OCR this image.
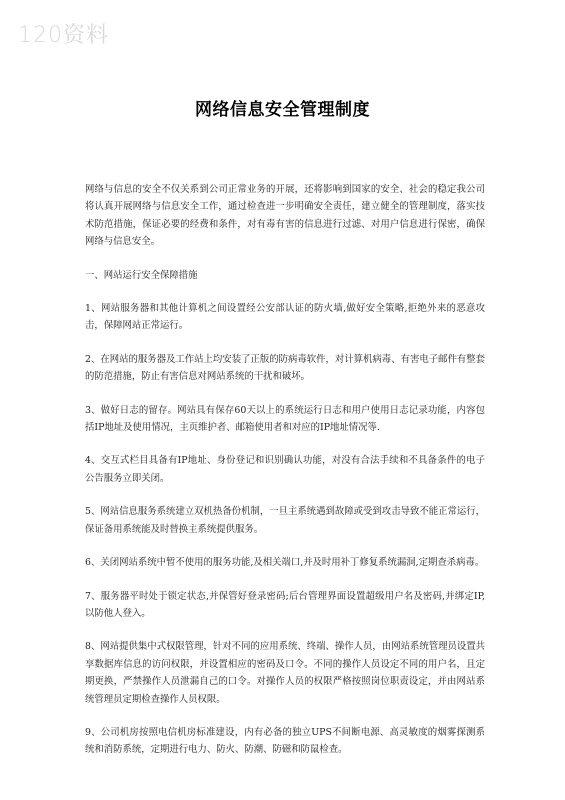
120资料
网络信息安全管理制度

网络与信息的安全不仅关系到公司正常业务的开展，还将影响到国家的安全、社会的稳定我公司将认真开展网络与信息安全工作，通过检查进一步明确安全责任，建立健全的管理制度，落实技术防范措施，保证必要的经费和条件，对有毒有害的信息进行过滤、对用户信息进行保密，确保网络与信息安全。

一、网站运行安全保障措施

1、网站服务器和其他计算机之间设置经公安部认证的防火墙,做好安全策略,拒绝外来的恶意攻击，保障网站正常运行。

2、在网站的服务器及工作站上均安装了正版的防病毒软件，对计算机病毒、有害电子邮件有整套的防范措施，防止有害信息对网站系统的干扰和破坏。

3、做好日志的留存。网站具有保存60天以上的系统运行日志和用户使用日志记录功能，内容包括IP地址及使用情况，主页维护者、邮箱使用者和对应的IP地址情况等.

4、交互式栏目具备有IP地址、身份登记和识别确认功能，对没有合法手续和不具备条件的电子公告服务立即关闭。

5、网站信息服务系统建立双机热备份机制，一旦主系统遇到故障或受到攻击导致不能正常运行，保证备用系统能及时替换主系统提供服务。

6、关闭网站系统中暂不使用的服务功能,及相关端口,并及时用补丁修复系统漏洞,定期查杀病毒。

7、服务器平时处于锁定状态,并保管好登录密码;后台管理界面设置超级用户名及密码,并绑定IP,以防他人登入。

8、网站提供集中式权限管理，针对不同的应用系统、终端、操作人员，由网站系统管理员设置共享数据库信息的访问权限，并设置相应的密码及口令。不同的操作人员设定不同的用户名，且定期更换，严禁操作人员泄漏自己的口令。对操作人员的权限严格按照岗位职责设定，并由网站系统管理员定期检查操作人员权限。

9、公司机房按照电信机房标准建设，内有必备的独立UPS不间断电源、高灵敏度的烟雾探测系统和消防系统，定期进行电力、防火、防潮、防磁和防鼠检查。
